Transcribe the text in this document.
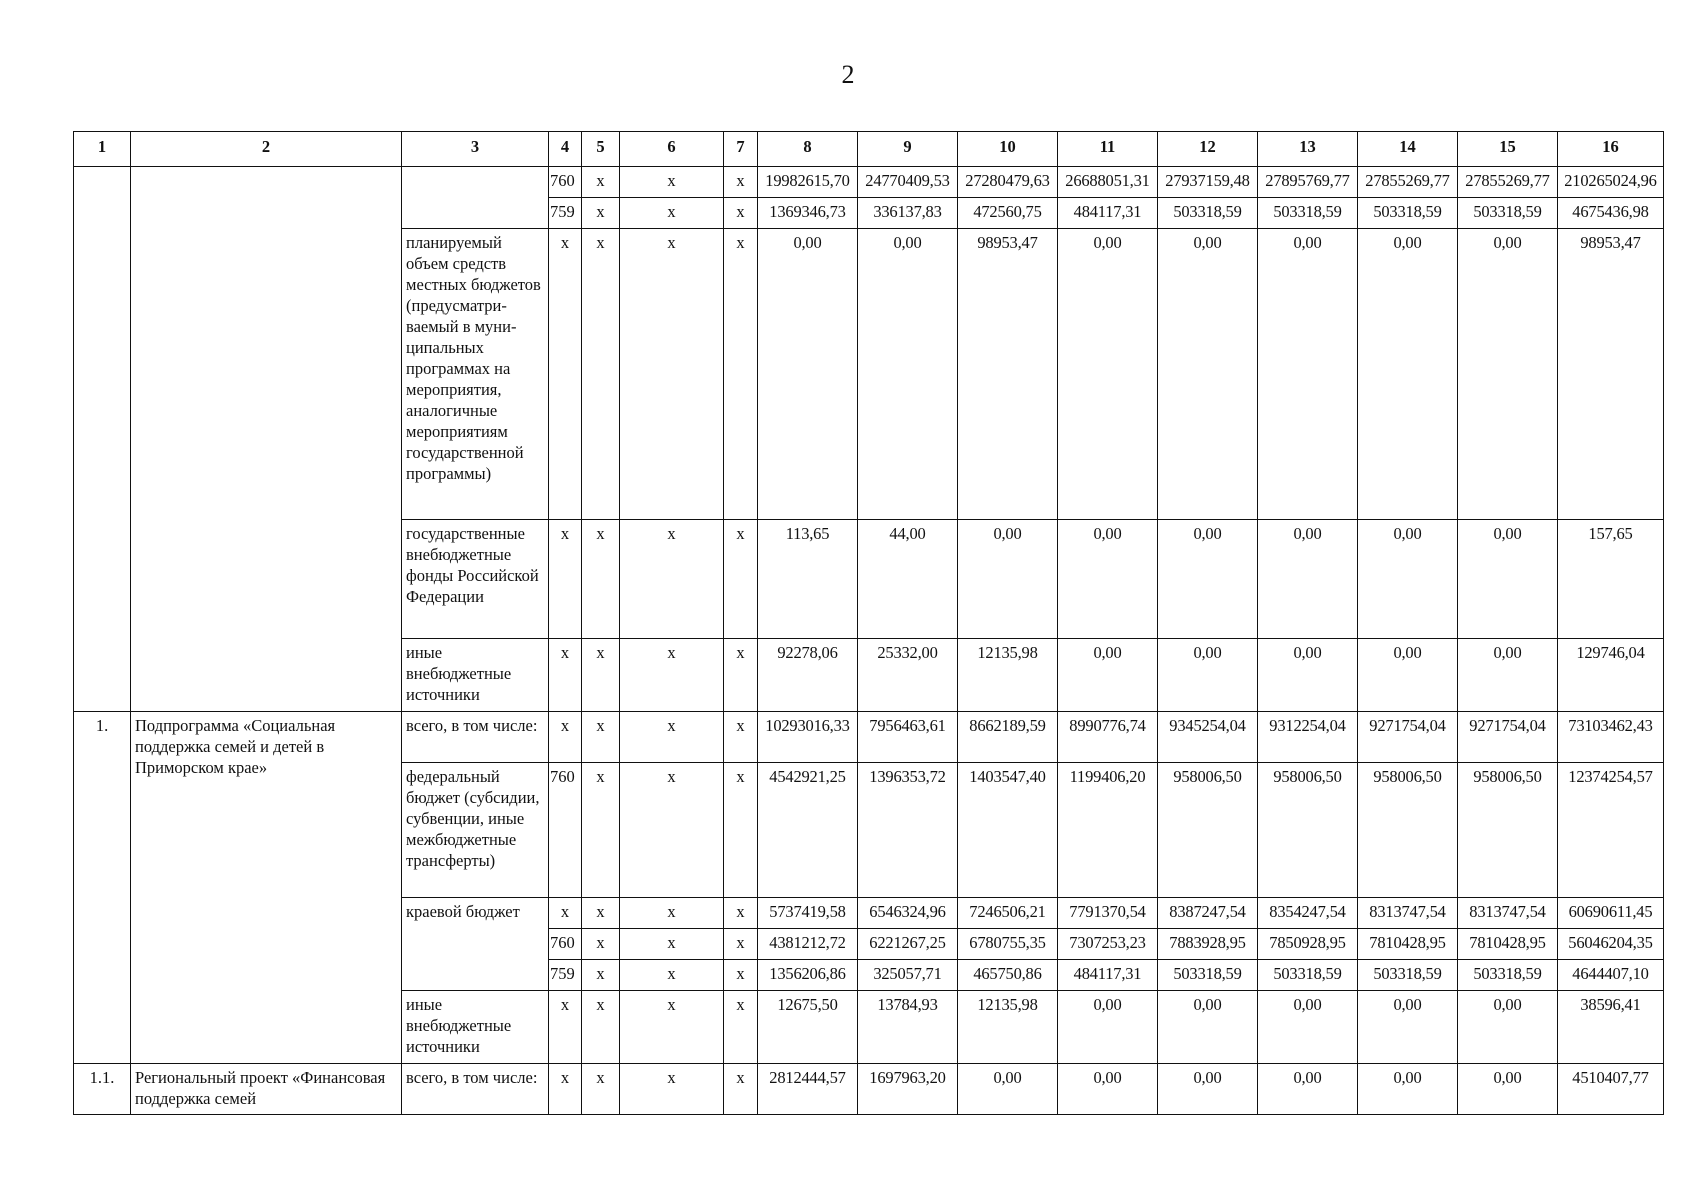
2
1	2	3	4	5	6	7	8	9	10	11	12	13	14	15	16
			760	х	х	х	19982615,70	24770409,53	27280479,63	26688051,31	27937159,48	27895769,77	27855269,77	27855269,77	210265024,96
			759	х	х	х	1369346,73	336137,83	472560,75	484117,31	503318,59	503318,59	503318,59	503318,59	4675436,98
		планируемый объем средств местных бюджетов (предусматри-ваемый в муни-ципальных программах на мероприятия, аналогичные мероприятиям государственной программы)	х	х	х	х	0,00	0,00	98953,47	0,00	0,00	0,00	0,00	0,00	98953,47
		государственные внебюджетные фонды Российской Федерации	х	х	х	х	113,65	44,00	0,00	0,00	0,00	0,00	0,00	0,00	157,65
		иные внебюджетные источники	х	х	х	х	92278,06	25332,00	12135,98	0,00	0,00	0,00	0,00	0,00	129746,04
1.	Подпрограмма «Социальная поддержка семей и детей в Приморском крае»	всего, в том числе:	х	х	х	х	10293016,33	7956463,61	8662189,59	8990776,74	9345254,04	9312254,04	9271754,04	9271754,04	73103462,43
		федеральный бюджет (субсидии, субвенции, иные межбюджетные трансферты)	760	х	х	х	4542921,25	1396353,72	1403547,40	1199406,20	958006,50	958006,50	958006,50	958006,50	12374254,57
		краевой бюджет	х	х	х	х	5737419,58	6546324,96	7246506,21	7791370,54	8387247,54	8354247,54	8313747,54	8313747,54	60690611,45
			760	х	х	х	4381212,72	6221267,25	6780755,35	7307253,23	7883928,95	7850928,95	7810428,95	7810428,95	56046204,35
			759	х	х	х	1356206,86	325057,71	465750,86	484117,31	503318,59	503318,59	503318,59	503318,59	4644407,10
		иные внебюджетные источники	х	х	х	х	12675,50	13784,93	12135,98	0,00	0,00	0,00	0,00	0,00	38596,41
1.1.	Региональный проект «Финансовая поддержка семей	всего, в том числе:	х	х	х	х	2812444,57	1697963,20	0,00	0,00	0,00	0,00	0,00	0,00	4510407,77
